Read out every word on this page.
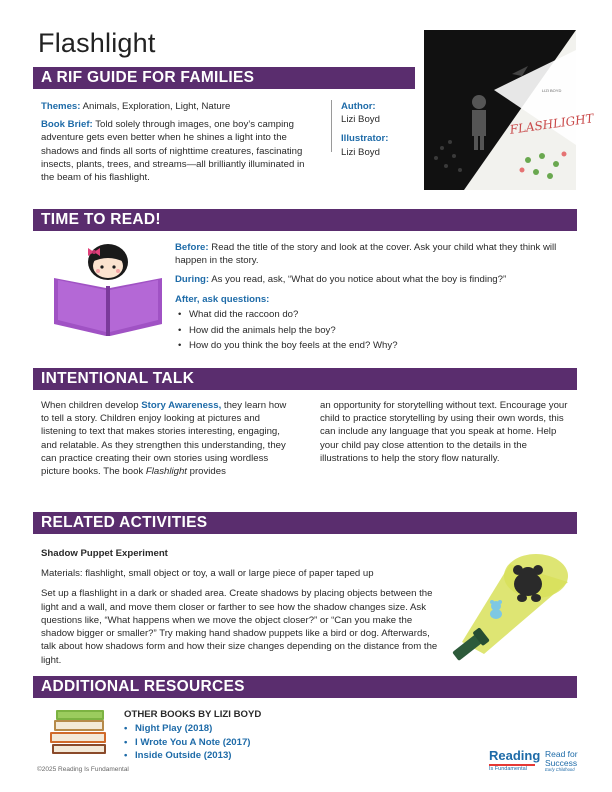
Flashlight
A RIF GUIDE FOR FAMILIES

Themes: Animals, Exploration, Light, Nature

Book Brief: Told solely through images, one boy’s camping adventure gets even better when he shines a light into the shadows and finds all sorts of nighttime creatures, fascinating insects, plants, trees, and streams—all brilliantly illuminated in the beam of his flashlight.

Author:
Lizi Boyd
Illustrator:
Lizi Boyd
LIZI BOYD
FLASHLIGHT
TIME TO READ!

Before: Read the title of the story and look at the cover. Ask your child what they think will happen in the story.

During: As you read, ask, “What do you notice about what the boy is finding?”

After, ask questions:

• What did the raccoon do?
• How did the animals help the boy?
• How do you think the boy feels at the end? Why?
INTENTIONAL TALK

When children develop Story Awareness, they learn how to tell a story. Children enjoy looking at pictures and listening to text that makes stories interesting, engaging, and relatable. As they strengthen this understanding, they can practice creating their own stories using wordless picture books. The book Flashlight provides

an opportunity for storytelling without text. Encourage your child to practice storytelling by using their own words, this can include any language that you speak at home. Help your child pay close attention to the details in the illustrations to help the story flow naturally.

RELATED ACTIVITIES

Shadow Puppet Experiment

Materials: flashlight, small object or toy, a wall or large piece of paper taped up

Set up a flashlight in a dark or shaded area. Create shadows by placing objects between the light and a wall, and move them closer or farther to see how the shadow changes size. Ask questions like, “What happens when we move the object closer?” or “Can you make the shadow bigger or smaller?” Try making hand shadow puppets like a bird or dog. Afterwards, talk about how shadows form and how their size changes depending on the distance from the light.

ADDITIONAL RESOURCES

OTHER BOOKS BY LIZI BOYD

• Night Play (2018)
• I Wrote You A Note (2017)
• Inside Outside (2013)
©2025 Reading Is Fundamental
Reading
Is Fundamental
Read for
Success
Early Childhood
